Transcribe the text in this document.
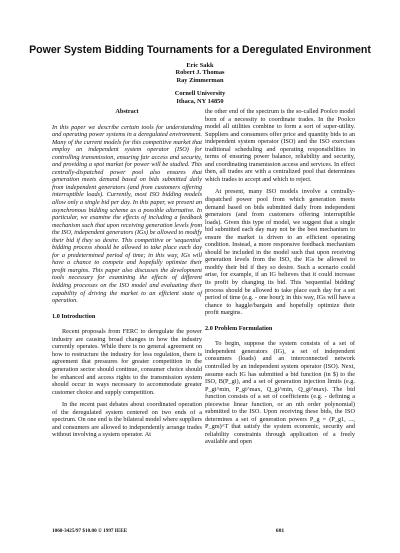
Power System Bidding Tournaments for a Deregulated Environment
Eric Sakk
Robert J. Thomas
Ray Zimmerman
Cornell University
Ithaca, NY 14850
Abstract

In this paper we describe certain tools for understanding and operating power systems in a deregulated environment. Many of the current models for this competitive market that employ an independent system operator (ISO) for controlling transmission, ensuring fair access and security, and providing a spot market for power will be studied. This centrally-dispatched power pool also ensures that generation meets demand based on bids submitted daily from independent generators (and from customers offering interruptible loads). Currently, most ISO bidding models allow only a single bid per day. In this paper, we present an asynchronous bidding scheme as a possible alternative. In particular, we examine the effects of including a feedback mechanism such that upon receiving generation levels from the ISO, independent generators (IGs) be allowed to modify their bid if they so desire. This competitive or 'sequential' bidding process should be allowed to take place each day for a predetermined period of time; in this way, IGs will have a chance to compete and hopefully optimize their profit margins. This paper also discusses the development tools necessary for examining the effects of different bidding processes on the ISO model and evaluating their capability of driving the market to an efficient state of operation.

1.0 Introduction

Recent proposals from FERC to deregulate the power industry are causing broad changes in how the industry currently operates. While there is no general agreement on how to restructure the industry for less regulation, there is agreement that pressures for greater competition in the generation sector should continue, consumer choice should be enhanced and access rights to the transmission system should occur in ways necessary to accommodate greater customer choice and supply competition.

In the recent past debates about coordinated operation of the deregulated system centered on two ends of a spectrum. On one end is the bilateral model where suppliers and consumers are allowed to independently arrange trades without involving a system operator. At

the other end of the spectrum is the so-called Poolco model born of a necessity to coordinate trades. In the Poolco model all utilities combine to form a sort of super-utility. Suppliers and consumers offer price and quantity bids to an independent system operator (ISO) and the ISO exercises traditional scheduling and operating responsibilities in terms of ensuring power balance, reliability and security, and coordinating transmission access and services. In effect then, all trades are with a centralized pool that determines which trades to accept and which to reject.

At present, many ISO models involve a centrally-dispatched power pool from which generation meets demand based on bids submitted daily from independent generators (and from customers offering interruptible loads). Given this type of model, we suggest that a single bid submitted each day may not be the best mechanism to ensure the market is driven to an efficient operating condition. Instead, a more responsive feedback mechanism should be included in the model such that upon receiving generation levels from the ISO, the IGs be allowed to modify their bid if they so desire. Such a scenario could arise, for example, if an IG believes that it could increase its profit by changing its bid. This 'sequential bidding' process should be allowed to take place each day for a set period of time (e.g. - one hour); in this way, IGs will have a chance to haggle/bargain and hopefully optimize their profit margins.

2.0 Problem Formulation

To begin, suppose the system consists of a set of independent generators (IG), a set of independent consumers (loads) and an interconnected network controlled by an independent system operator (ISO). Next, assume each IG has submitted a bid function (in $) to the ISO, B(P_gi), and a set of generation injection limits (e.g. P_gi^min, P_gi^max, Q_gi^min, Q_gi^max). The bid function consists of a set of coefficients (e.g. - defining a piecewise linear function, or an nth order polynomial) submitted to the ISO. Upon receiving these bids, the ISO determines a set of generation powers P_g = (P_g1, ..., P_gm)^T that satisfy the system economic, security and reliability constraints through application of a freely available and open

1060-3425/97 $10.00 © 1997 IEEE	681
